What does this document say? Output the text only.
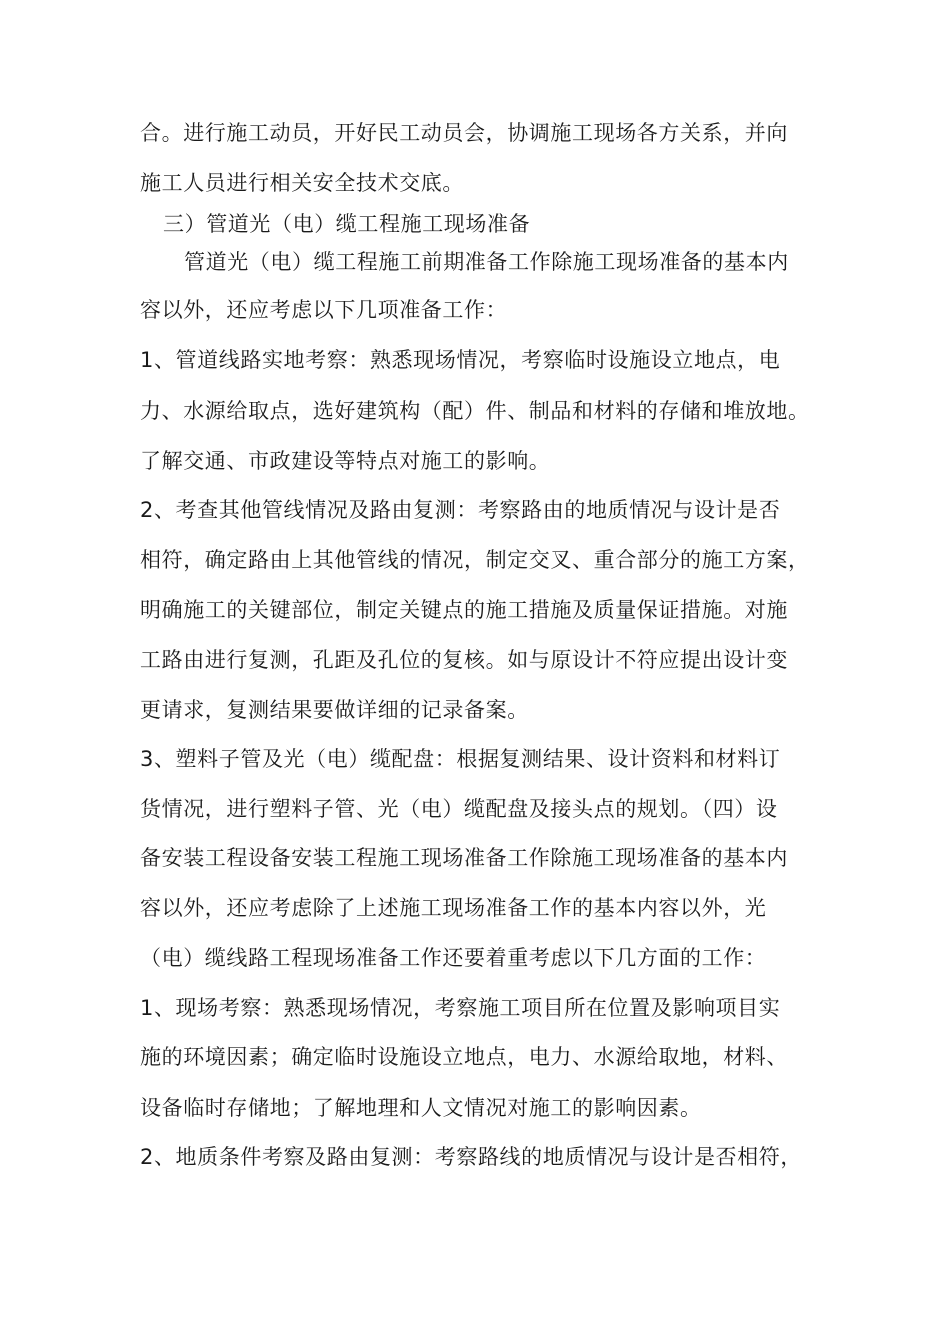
合。进行施工动员，开好民工动员会，协调施工现场各方关系，并向
施工人员进行相关安全技术交底。
三）管道光（电）缆工程施工现场准备
管道光（电）缆工程施工前期准备工作除施工现场准备的基本内
容以外，还应考虑以下几项准备工作：
1、管道线路实地考察：熟悉现场情况，考察临时设施设立地点，电
力、水源给取点，选好建筑构（配）件、制品和材料的存储和堆放地。
了解交通、市政建设等特点对施工的影响。
2、考查其他管线情况及路由复测：考察路由的地质情况与设计是否
相符，确定路由上其他管线的情况，制定交叉、重合部分的施工方案，
明确施工的关键部位，制定关键点的施工措施及质量保证措施。对施
工路由进行复测，孔距及孔位的复核。如与原设计不符应提出设计变
更请求，复测结果要做详细的记录备案。
3、塑料子管及光（电）缆配盘：根据复测结果、设计资料和材料订
货情况，进行塑料子管、光（电）缆配盘及接头点的规划。（四）设
备安装工程设备安装工程施工现场准备工作除施工现场准备的基本内
容以外，还应考虑除了上述施工现场准备工作的基本内容以外，光
（电）缆线路工程现场准备工作还要着重考虑以下几方面的工作：
1、现场考察：熟悉现场情况，考察施工项目所在位置及影响项目实
施的环境因素；确定临时设施设立地点，电力、水源给取地，材料、
设备临时存储地；了解地理和人文情况对施工的影响因素。
2、地质条件考察及路由复测：考察路线的地质情况与设计是否相符，
